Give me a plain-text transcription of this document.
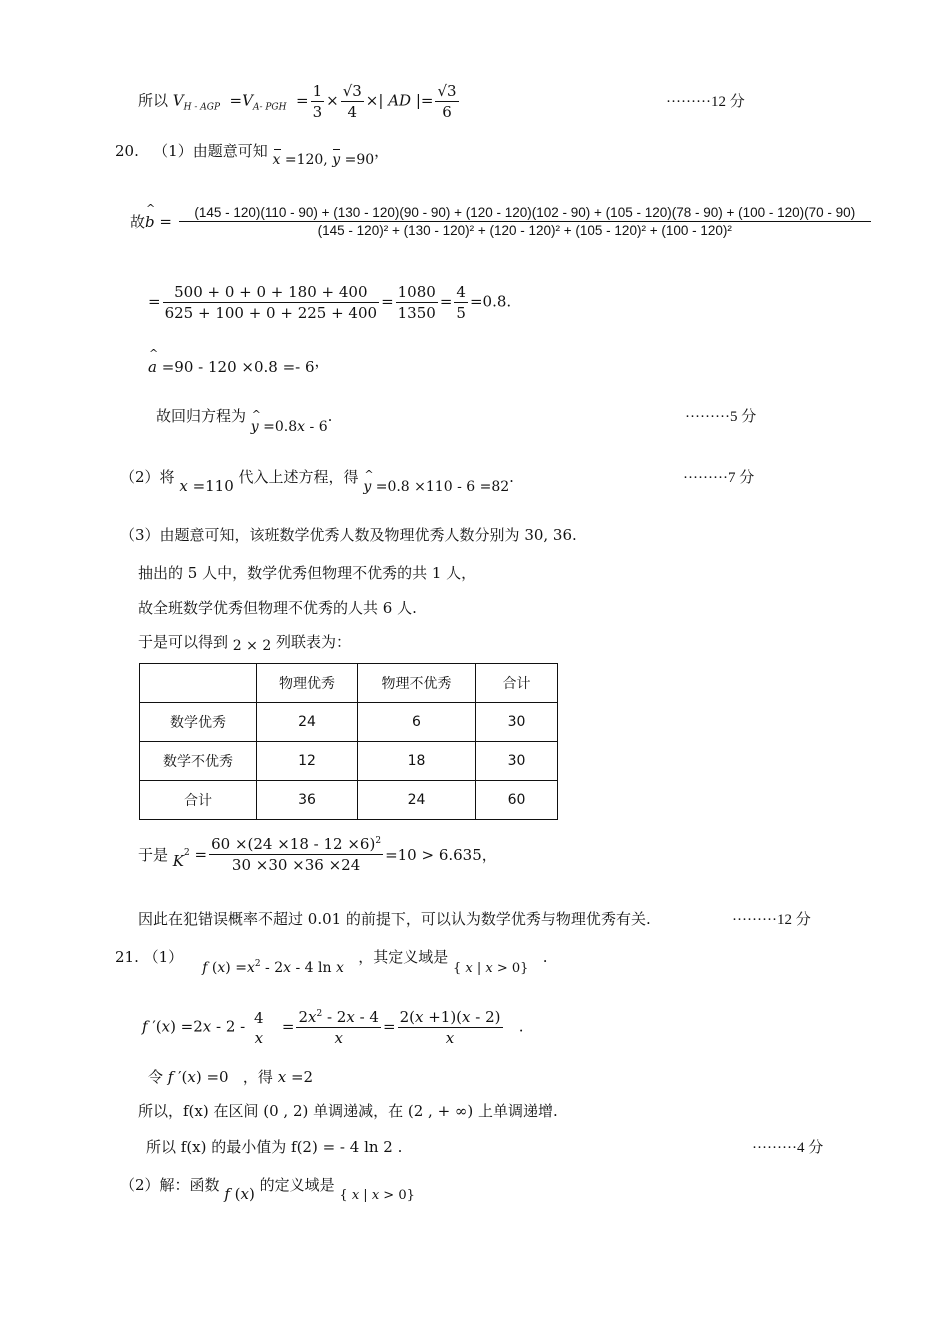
所以 $V_{H - AGP} =V_{A- PGH} = \frac{1}{3} \times \frac{√3}{4}$ ×| AD |= $\frac{√3}{6}$	·········12 分
20. （1）由题意可知 x =120, y =90，
故^ b =	(145 - 120)(110 - 90) + (130 - 120)(90 - 90) + (120 - 120)(102 - 90) + (105 - 120)(78 - 90) + (100 - 120)(70 - 90)
(145 - 120)² + (130 - 120)² + (120 - 120)² + (105 - 120)² + (100 - 120)²
= $\frac{500 + 0 + 0 + 180 + 400}{625 + 100 + 0 + 225 + 400} = \frac{1080}{1350} = \frac{4}{5} =0.8$.
^ a =90 - 120 ×0.8 =- 6，
故回归方程为 ^ y =0.8x - 6.	·········5 分
（2）将 x =110 代入上述方程，得 ^ y =0.8 ×110 - 6 =82.	·········7 分
（3）由题意可知，该班数学优秀人数及物理优秀人数分别为 30, 36.
抽出的 5 人中，数学优秀但物理不优秀的共 1 人，
故全班数学优秀但物理不优秀的人共 6 人.
于是可以得到 2 × 2 列联表为：
	物理优秀	物理不优秀	合计
数学优秀	24	6	30
数学不优秀	12	18	30
合计	36	24	60
于是 $K^2 = \frac{60 \times(24 \times 18 - 12 \times 6)^2}{30 \times 30 \times 36 \times 24} =10 > 6.635$，
因此在犯错误概率不超过 0.01 的前提下，可以认为数学优秀与物理优秀有关.	·········12 分
21. （1）    f $(x) =x^2 - 2x - 4$ ln x   ，其定义域是 { x | x > 0}   .
f ′(x) =2x - 2 - 4
x
= $\frac{2x^2 - 2x - 4}{x} = \frac{2(x +1)(x - 2)}{x}$ .
令 f ′(x) =0   ，得 x =2
所以，f(x) 在区间 (0 , 2) 单调递减，在 (2 , + ∞) 上单调递增.
所以 f(x) 的最小值为 f(2) = - 4 ln 2 .	·········4 分
（2）解：函数 f (x) 的定义域是 { x | x > 0}
